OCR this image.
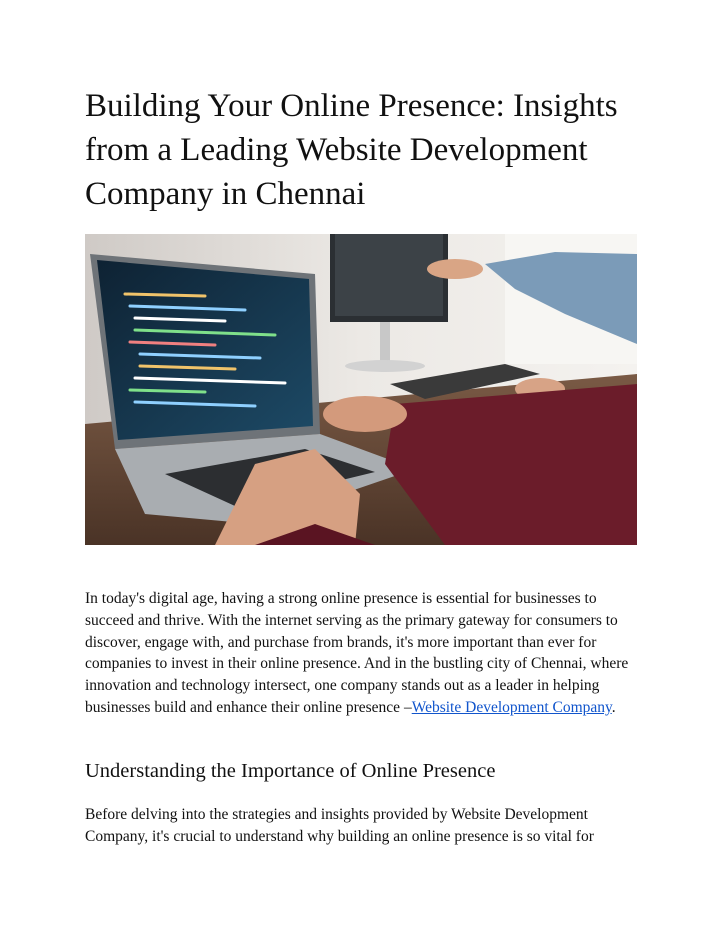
Building Your Online Presence: Insights from a Leading Website Development Company in Chennai

In today's digital age, having a strong online presence is essential for businesses to succeed and thrive. With the internet serving as the primary gateway for consumers to discover, engage with, and purchase from brands, it's more important than ever for companies to invest in their online presence. And in the bustling city of Chennai, where innovation and technology intersect, one company stands out as a leader in helping businesses build and enhance their online presence –Website Development Company.

Understanding the Importance of Online Presence

Before delving into the strategies and insights provided by Website Development Company, it's crucial to understand why building an online presence is so vital for
